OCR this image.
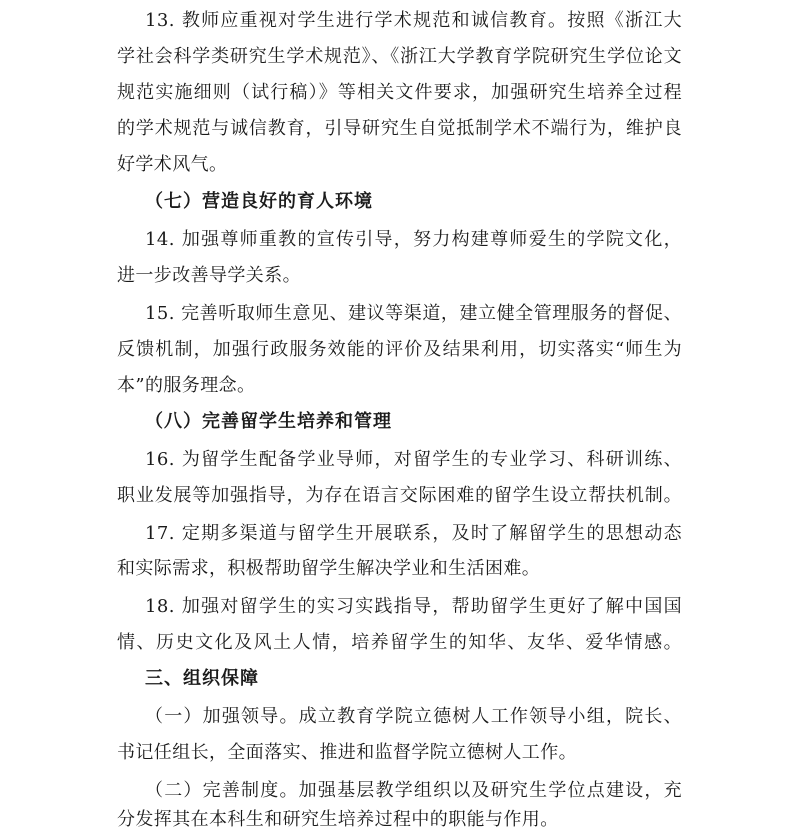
13. 教师应重视对学生进行学术规范和诚信教育。按照《浙江大
学社会科学类研究生学术规范》、《浙江大学教育学院研究生学位论文
规范实施细则（试行稿）》等相关文件要求，加强研究生培养全过程
的学术规范与诚信教育，引导研究生自觉抵制学术不端行为，维护良
好学术风气。
（七）营造良好的育人环境
14. 加强尊师重教的宣传引导，努力构建尊师爱生的学院文化，
进一步改善导学关系。
15. 完善听取师生意见、建议等渠道，建立健全管理服务的督促、
反馈机制，加强行政服务效能的评价及结果利用，切实落实“师生为
本”的服务理念。
（八）完善留学生培养和管理
16. 为留学生配备学业导师，对留学生的专业学习、科研训练、
职业发展等加强指导，为存在语言交际困难的留学生设立帮扶机制。
17. 定期多渠道与留学生开展联系，及时了解留学生的思想动态
和实际需求，积极帮助留学生解决学业和生活困难。
18. 加强对留学生的实习实践指导，帮助留学生更好了解中国国
情、历史文化及风土人情，培养留学生的知华、友华、爱华情感。
三、组织保障
（一）加强领导。成立教育学院立德树人工作领导小组，院长、
书记任组长，全面落实、推进和监督学院立德树人工作。
（二）完善制度。加强基层教学组织以及研究生学位点建设，充
分发挥其在本科生和研究生培养过程中的职能与作用。
